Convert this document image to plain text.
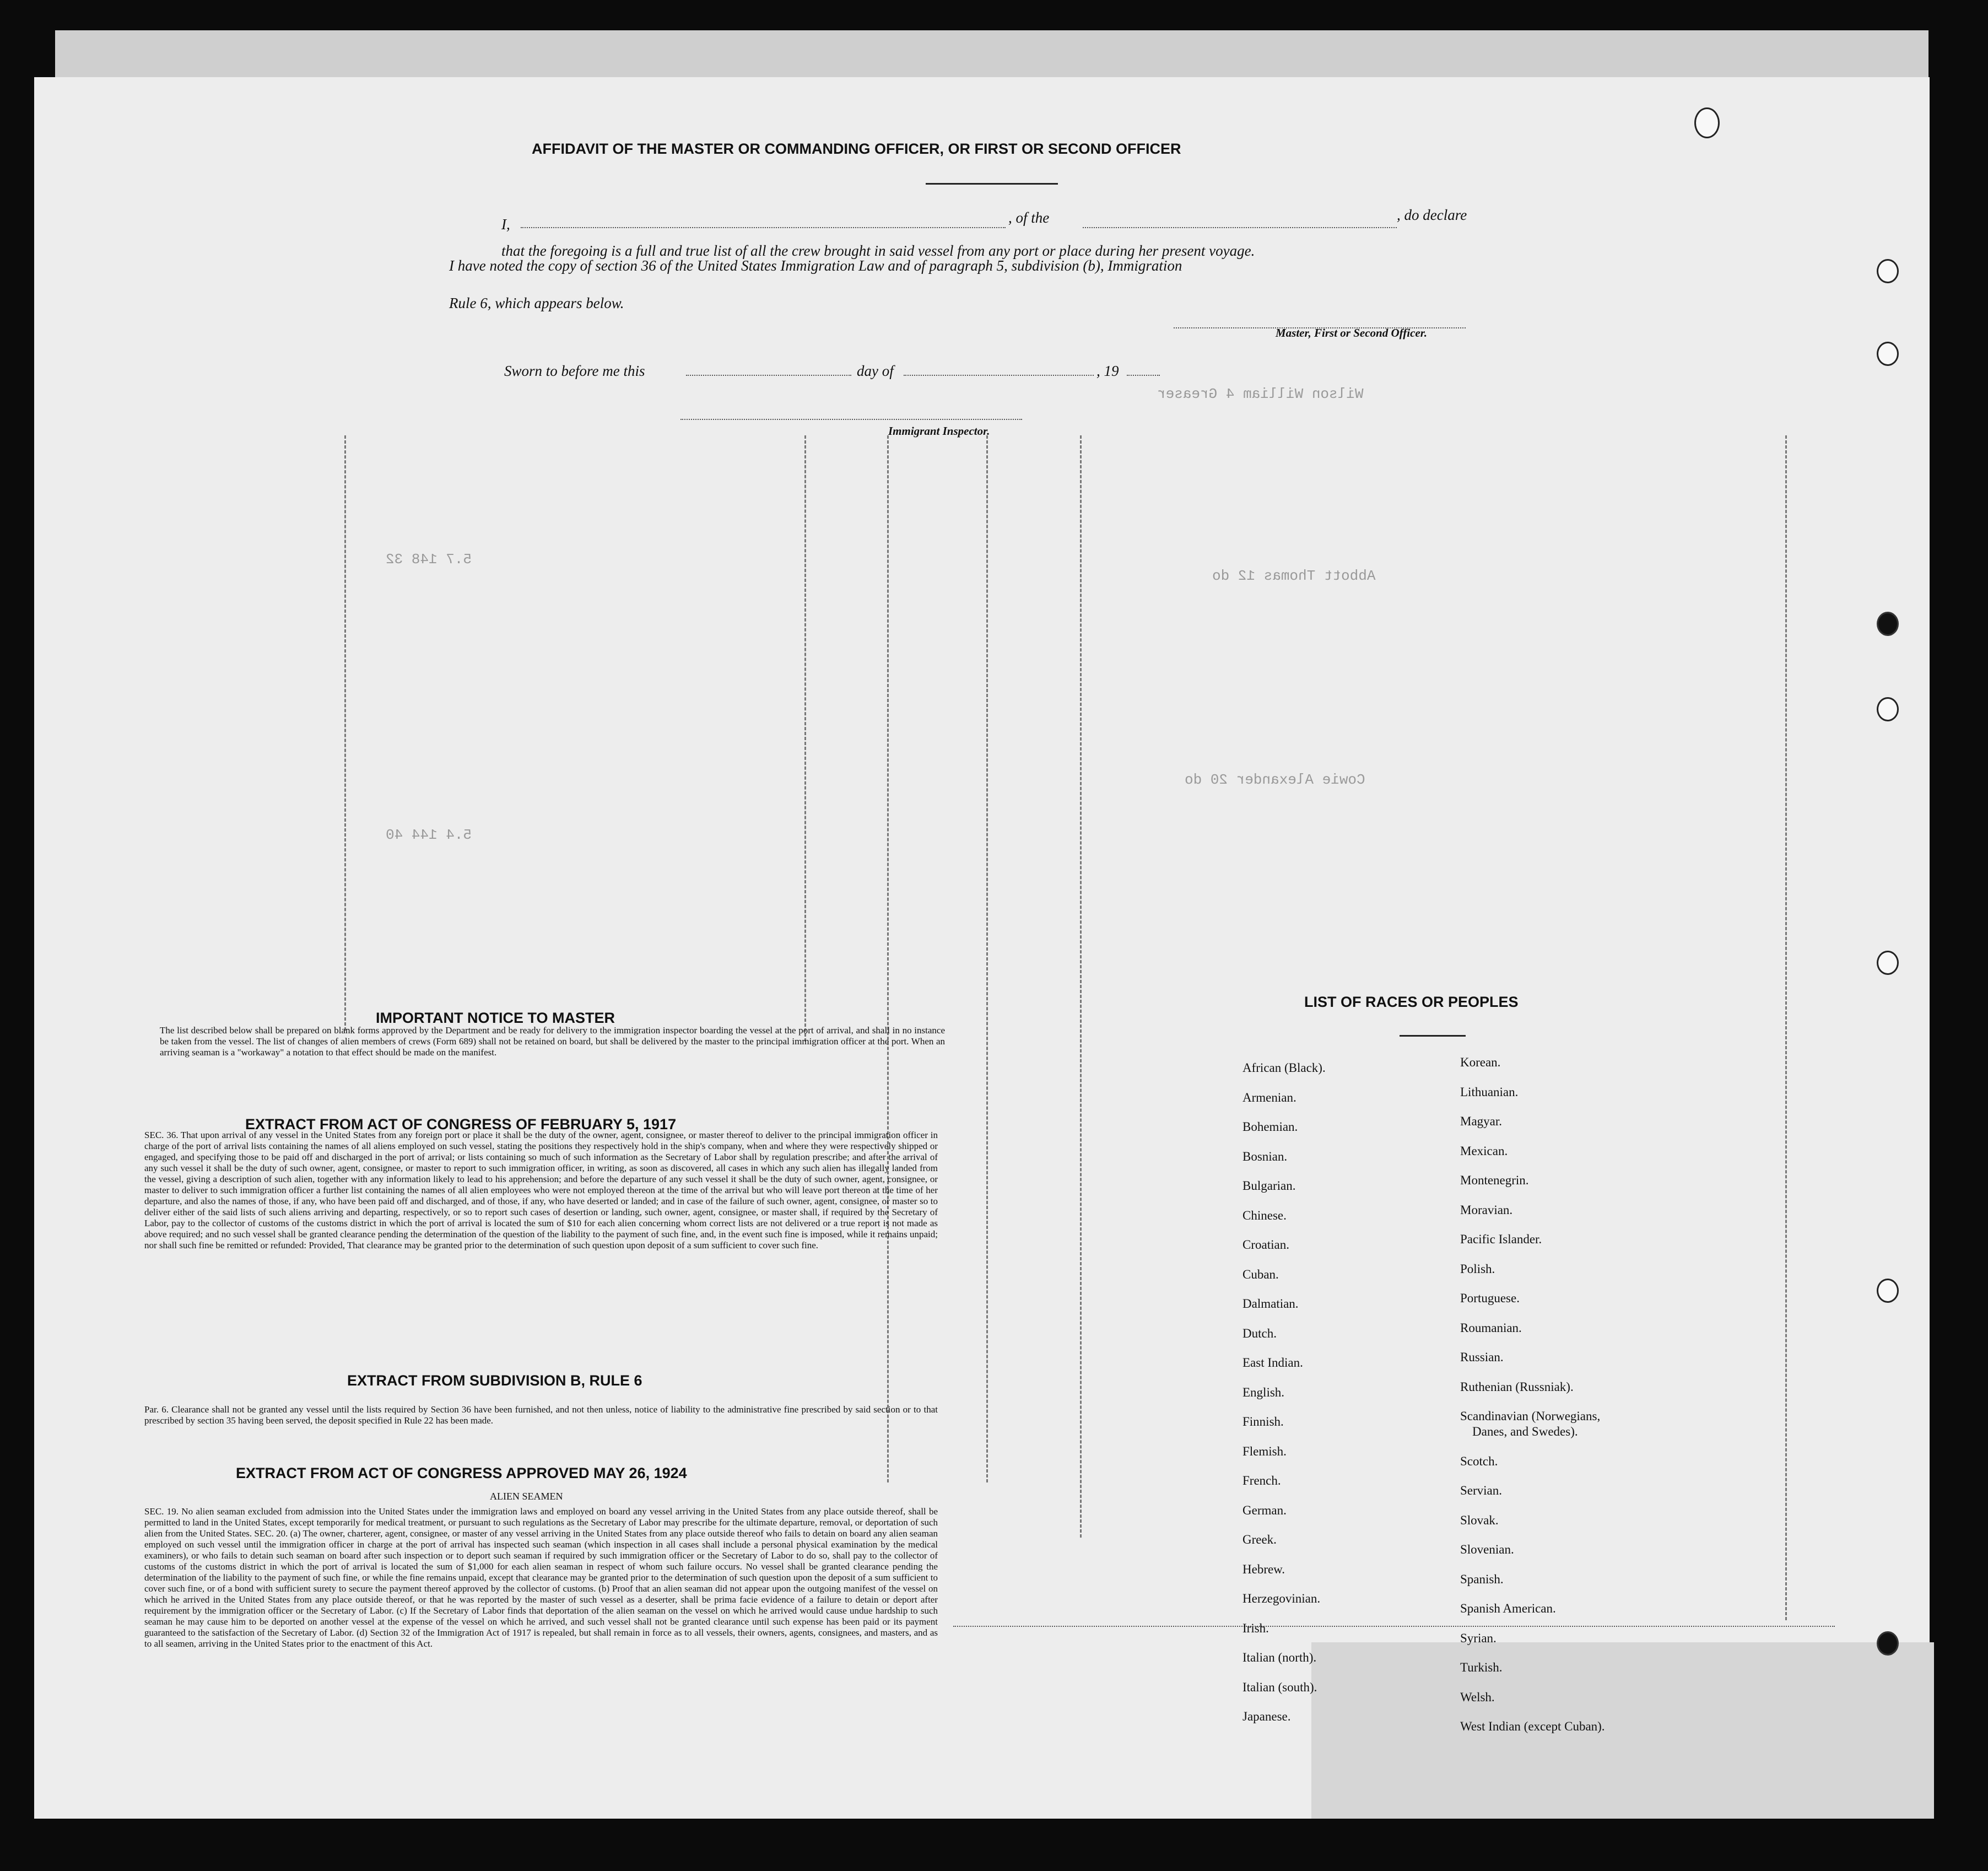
Wilson William 4 Greaser
Abbott Thomas 12 do
Cowie Alexander 20 do
5.7 148 32
5.4 144 40
AFFIDAVIT OF THE MASTER OR COMMANDING OFFICER, OR FIRST OR SECOND OFFICER
I,	, of the	, do declare
that the foregoing is a full and true list of all the crew brought in said vessel from any port or place during her present voyage.
I have noted the copy of section 36 of the United States Immigration Law and of paragraph 5, subdivision (b), Immigration
Rule 6, which appears below.
Master, First or Second Officer.
Sworn to before me this	day of	, 19
Immigrant Inspector.
IMPORTANT NOTICE TO MASTER
The list described below shall be prepared on blank forms approved by the Department and be ready for delivery to the immigration inspector boarding the vessel at the port of arrival, and shall in no instance be taken from the vessel. The list of changes of alien members of crews (Form 689) shall not be retained on board, but shall be delivered by the master to the principal immigration officer at the port. When an arriving seaman is a "workaway" a notation to that effect should be made on the manifest.
EXTRACT FROM ACT OF CONGRESS OF FEBRUARY 5, 1917
SEC. 36. That upon arrival of any vessel in the United States from any foreign port or place it shall be the duty of the owner, agent, consignee, or master thereof to deliver to the principal immigration officer in charge of the port of arrival lists containing the names of all aliens employed on such vessel, stating the positions they respectively hold in the ship's company, when and where they were respectively shipped or engaged, and specifying those to be paid off and discharged in the port of arrival; or lists containing so much of such information as the Secretary of Labor shall by regulation prescribe; and after the arrival of any such vessel it shall be the duty of such owner, agent, consignee, or master to report to such immigration officer, in writing, as soon as discovered, all cases in which any such alien has illegally landed from the vessel, giving a description of such alien, together with any information likely to lead to his apprehension; and before the departure of any such vessel it shall be the duty of such owner, agent, consignee, or master to deliver to such immigration officer a further list containing the names of all alien employees who were not employed thereon at the time of the arrival but who will leave port thereon at the time of her departure, and also the names of those, if any, who have been paid off and discharged, and of those, if any, who have deserted or landed; and in case of the failure of such owner, agent, consignee, or master so to deliver either of the said lists of such aliens arriving and departing, respectively, or so to report such cases of desertion or landing, such owner, agent, consignee, or master shall, if required by the Secretary of Labor, pay to the collector of customs of the customs district in which the port of arrival is located the sum of $10 for each alien concerning whom correct lists are not delivered or a true report is not made as above required; and no such vessel shall be granted clearance pending the determination of the question of the liability to the payment of such fine, and, in the event such fine is imposed, while it remains unpaid; nor shall such fine be remitted or refunded: Provided, That clearance may be granted prior to the determination of such question upon deposit of a sum sufficient to cover such fine.
EXTRACT FROM SUBDIVISION B, RULE 6
Par. 6. Clearance shall not be granted any vessel until the lists required by Section 36 have been furnished, and not then unless, notice of liability to the administrative fine prescribed by said section or to that prescribed by section 35 having been served, the deposit specified in Rule 22 has been made.
EXTRACT FROM ACT OF CONGRESS APPROVED MAY 26, 1924
ALIEN SEAMEN
SEC. 19. No alien seaman excluded from admission into the United States under the immigration laws and employed on board any vessel arriving in the United States from any place outside thereof, shall be permitted to land in the United States, except temporarily for medical treatment, or pursuant to such regulations as the Secretary of Labor may prescribe for the ultimate departure, removal, or deportation of such alien from the United States. SEC. 20. (a) The owner, charterer, agent, consignee, or master of any vessel arriving in the United States from any place outside thereof who fails to detain on board any alien seaman employed on such vessel until the immigration officer in charge at the port of arrival has inspected such seaman (which inspection in all cases shall include a personal physical examination by the medical examiners), or who fails to detain such seaman on board after such inspection or to deport such seaman if required by such immigration officer or the Secretary of Labor to do so, shall pay to the collector of customs of the customs district in which the port of arrival is located the sum of $1,000 for each alien seaman in respect of whom such failure occurs. No vessel shall be granted clearance pending the determination of the liability to the payment of such fine, or while the fine remains unpaid, except that clearance may be granted prior to the determination of such question upon the deposit of a sum sufficient to cover such fine, or of a bond with sufficient surety to secure the payment thereof approved by the collector of customs. (b) Proof that an alien seaman did not appear upon the outgoing manifest of the vessel on which he arrived in the United States from any place outside thereof, or that he was reported by the master of such vessel as a deserter, shall be prima facie evidence of a failure to detain or deport after requirement by the immigration officer or the Secretary of Labor. (c) If the Secretary of Labor finds that deportation of the alien seaman on the vessel on which he arrived would cause undue hardship to such seaman he may cause him to be deported on another vessel at the expense of the vessel on which he arrived, and such vessel shall not be granted clearance until such expense has been paid or its payment guaranteed to the satisfaction of the Secretary of Labor. (d) Section 32 of the Immigration Act of 1917 is repealed, but shall remain in force as to all vessels, their owners, agents, consignees, and masters, and as to all seamen, arriving in the United States prior to the enactment of this Act.
LIST OF RACES OR PEOPLES
African (Black).
Armenian.
Bohemian.
Bosnian.
Bulgarian.
Chinese.
Croatian.
Cuban.
Dalmatian.
Dutch.
East Indian.
English.
Finnish.
Flemish.
French.
German.
Greek.
Hebrew.
Herzegovinian.
Irish.
Italian (north).
Italian (south).
Japanese.
Korean.
Lithuanian.
Magyar.
Mexican.
Montenegrin.
Moravian.
Pacific Islander.
Polish.
Portuguese.
Roumanian.
Russian.
Ruthenian (Russniak).
Scandinavian (Norwegians,
Danes, and Swedes).
Scotch.
Servian.
Slovak.
Slovenian.
Spanish.
Spanish American.
Syrian.
Turkish.
Welsh.
West Indian (except Cuban).
